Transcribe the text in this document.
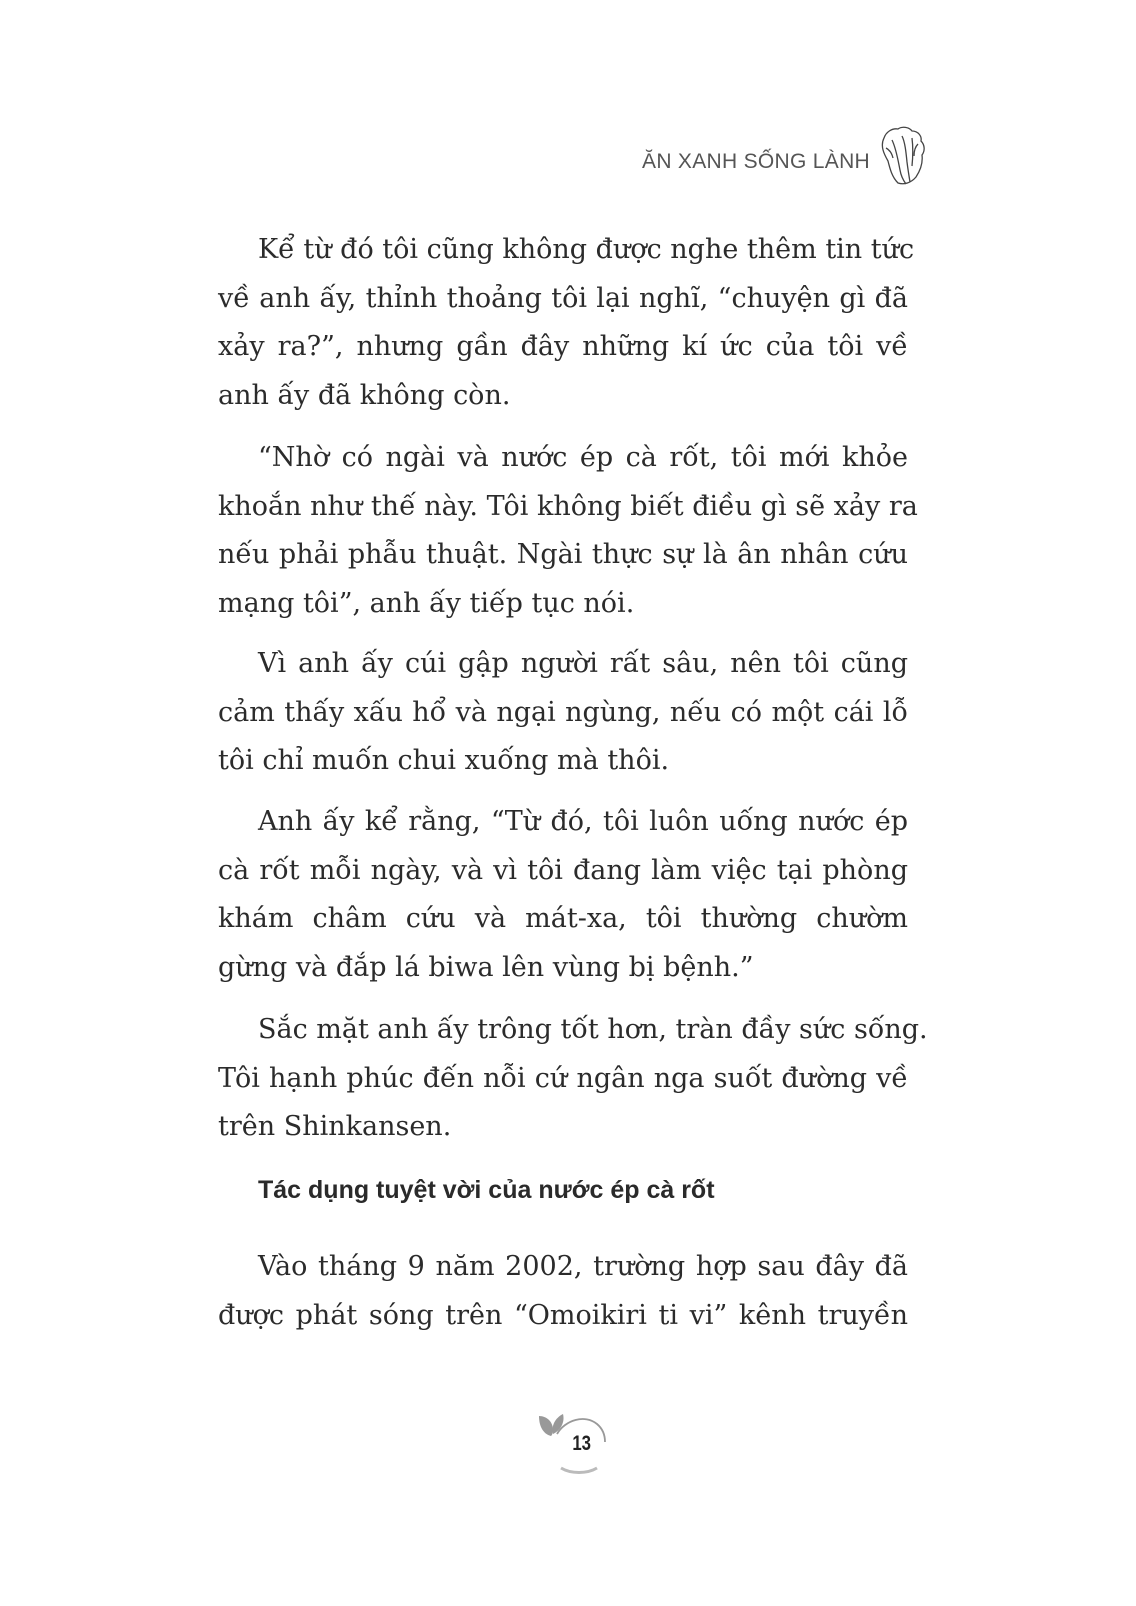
ĂN XANH SỐNG LÀNH
Kể từ đó tôi cũng không được nghe thêm tin tức
về anh ấy, thỉnh thoảng tôi lại nghĩ, “chuyện gì đã
xảy ra?”, nhưng gần đây những kí ức của tôi về
anh ấy đã không còn.
“Nhờ có ngài và nước ép cà rốt, tôi mới khỏe
khoắn như thế này. Tôi không biết điều gì sẽ xảy ra
nếu phải phẫu thuật. Ngài thực sự là ân nhân cứu
mạng tôi”, anh ấy tiếp tục nói.
Vì anh ấy cúi gập người rất sâu, nên tôi cũng
cảm thấy xấu hổ và ngại ngùng, nếu có một cái lỗ
tôi chỉ muốn chui xuống mà thôi.
Anh ấy kể rằng, “Từ đó, tôi luôn uống nước ép
cà rốt mỗi ngày, và vì tôi đang làm việc tại phòng
khám châm cứu và mát-xa, tôi thường chườm
gừng và đắp lá biwa lên vùng bị bệnh.”
Sắc mặt anh ấy trông tốt hơn, tràn đầy sức sống.
Tôi hạnh phúc đến nỗi cứ ngân nga suốt đường về
trên Shinkansen.
Tác dụng tuyệt vời của nước ép cà rốt
Vào tháng 9 năm 2002, trường hợp sau đây đã
được phát sóng trên “Omoikiri ti vi” kênh truyền
13
